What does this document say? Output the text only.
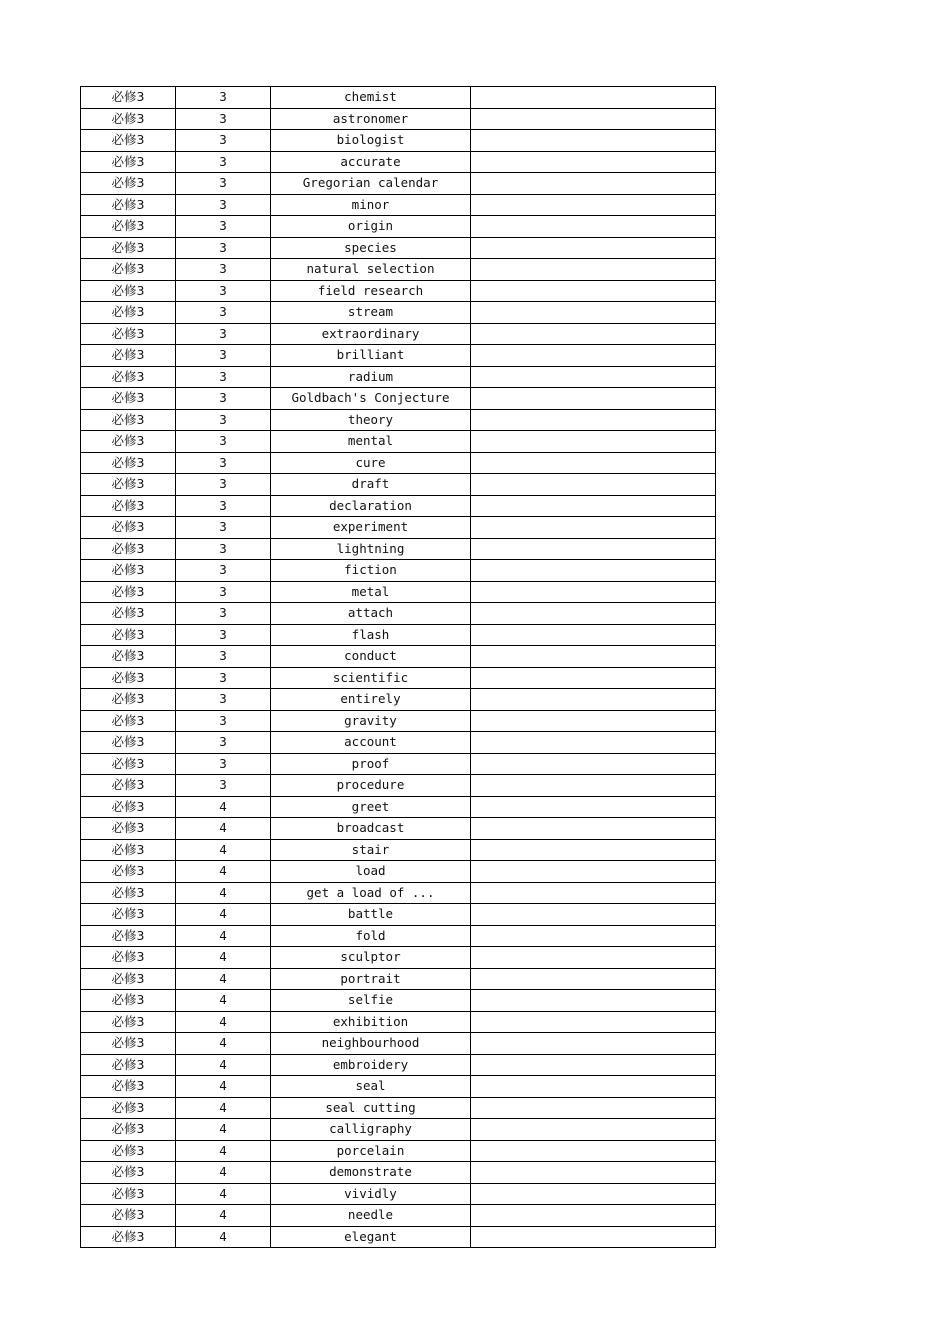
必修3	3	chemist	
必修3	3	astronomer	
必修3	3	biologist	
必修3	3	accurate	
必修3	3	Gregorian calendar	
必修3	3	minor	
必修3	3	origin	
必修3	3	species	
必修3	3	natural selection	
必修3	3	field research	
必修3	3	stream	
必修3	3	extraordinary	
必修3	3	brilliant	
必修3	3	radium	
必修3	3	Goldbach's Conjecture	
必修3	3	theory	
必修3	3	mental	
必修3	3	cure	
必修3	3	draft	
必修3	3	declaration	
必修3	3	experiment	
必修3	3	lightning	
必修3	3	fiction	
必修3	3	metal	
必修3	3	attach	
必修3	3	flash	
必修3	3	conduct	
必修3	3	scientific	
必修3	3	entirely	
必修3	3	gravity	
必修3	3	account	
必修3	3	proof	
必修3	3	procedure	
必修3	4	greet	
必修3	4	broadcast	
必修3	4	stair	
必修3	4	load	
必修3	4	get a load of ...	
必修3	4	battle	
必修3	4	fold	
必修3	4	sculptor	
必修3	4	portrait	
必修3	4	selfie	
必修3	4	exhibition	
必修3	4	neighbourhood	
必修3	4	embroidery	
必修3	4	seal	
必修3	4	seal cutting	
必修3	4	calligraphy	
必修3	4	porcelain	
必修3	4	demonstrate	
必修3	4	vividly	
必修3	4	needle	
必修3	4	elegant	
